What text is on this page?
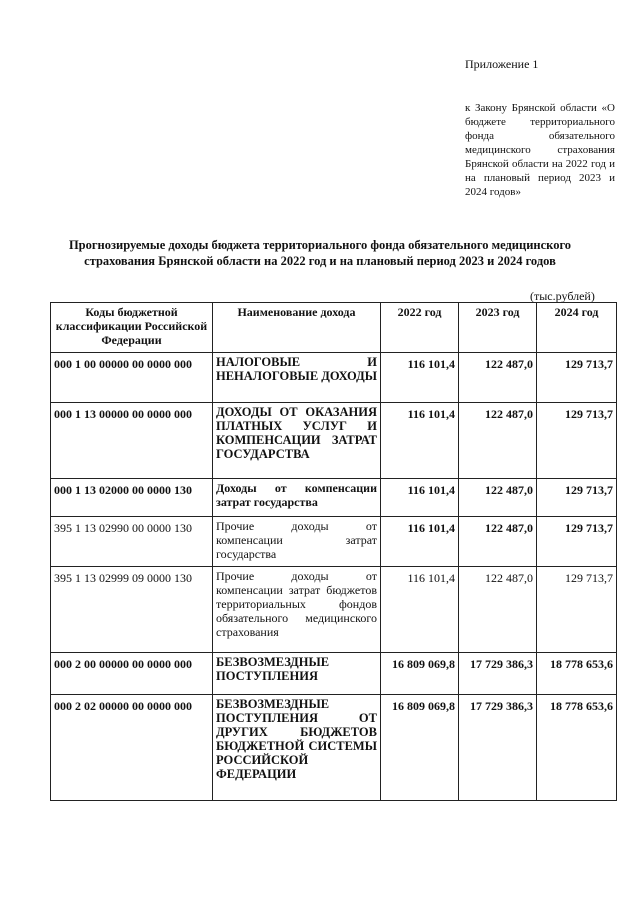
Приложение 1
к Закону Брянской области «О бюджете территориального фонда обязательного медицинского страхования Брянской области на 2022 год и на плановый период 2023 и 2024 годов»
Прогнозируемые доходы бюджета территориального фонда обязательного медицинского страхования Брянской области на 2022 год и на плановый период 2023 и 2024 годов
(тыс.рублей)
Коды бюджетной классификации Российской Федерации	Наименование дохода	2022 год	2023 год	2024 год
000 1 00 00000 00 0000 000	НАЛОГОВЫЕ И НЕНАЛОГОВЫЕ ДОХОДЫ	116 101,4	122 487,0	129 713,7
000 1 13 00000 00 0000 000	ДОХОДЫ ОТ ОКАЗАНИЯ ПЛАТНЫХ УСЛУГ И КОМПЕНСАЦИИ ЗАТРАТ ГОСУДАРСТВА	116 101,4	122 487,0	129 713,7
000 1 13 02000 00 0000 130	Доходы от компенсации затрат государства	116 101,4	122 487,0	129 713,7
395 1 13 02990 00 0000 130	Прочие доходы от компенсации затрат государства	116 101,4	122 487,0	129 713,7
395 1 13 02999 09 0000 130	Прочие доходы от компенсации затрат бюджетов территориальных фондов обязательного медицинского страхования	116 101,4	122 487,0	129 713,7
000 2 00 00000 00 0000 000	БЕЗВОЗМЕЗДНЫЕ ПОСТУПЛЕНИЯ	16 809 069,8	17 729 386,3	18 778 653,6
000 2 02 00000 00 0000 000	БЕЗВОЗМЕЗДНЫЕ ПОСТУПЛЕНИЯ ОТ ДРУГИХ БЮДЖЕТОВ БЮДЖЕТНОЙ СИСТЕМЫ РОССИЙСКОЙ ФЕДЕРАЦИИ	16 809 069,8	17 729 386,3	18 778 653,6
